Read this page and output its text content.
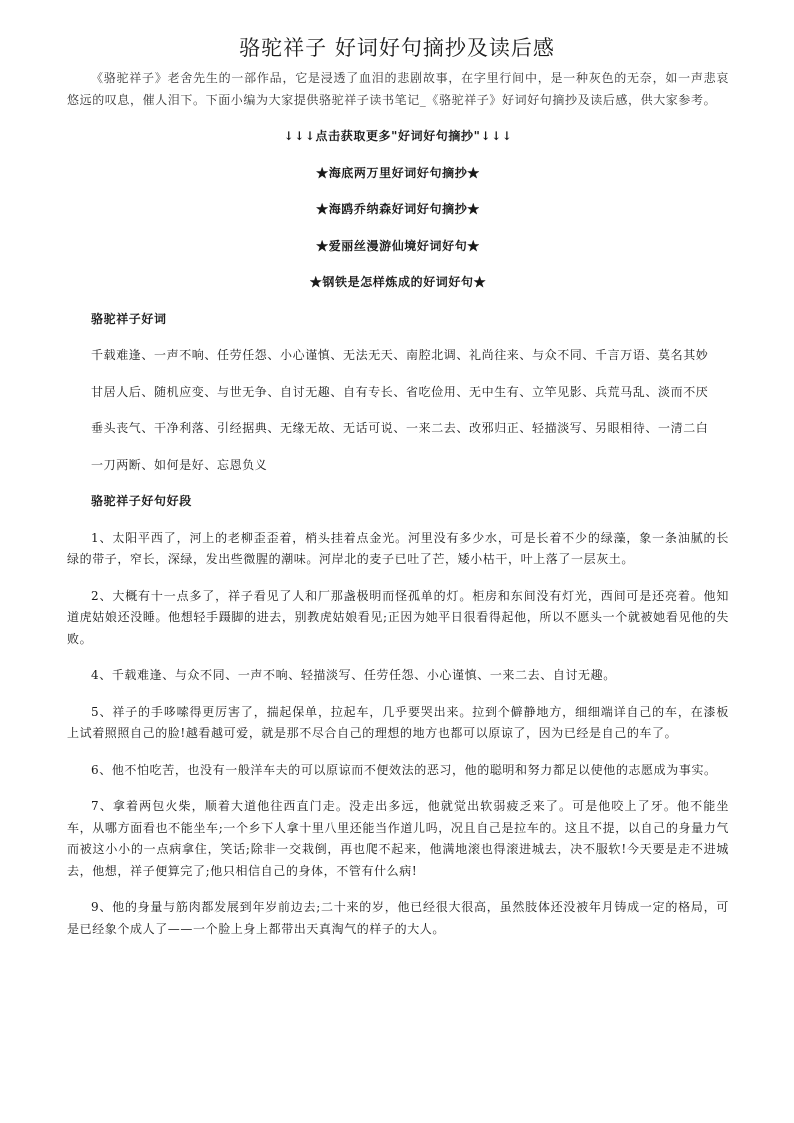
骆驼祥子 好词好句摘抄及读后感

《骆驼祥子》老舍先生的一部作品，它是浸透了血泪的悲剧故事，在字里行间中，是一种灰色的无奈，如一声悲哀悠远的叹息，催人泪下。下面小编为大家提供骆驼祥子读书笔记_《骆驼祥子》好词好句摘抄及读后感，供大家参考。

↓↓↓点击获取更多"好词好句摘抄"↓↓↓

★海底两万里好词好句摘抄★

★海鸥乔纳森好词好句摘抄★

★爱丽丝漫游仙境好词好句★

★钢铁是怎样炼成的好词好句★

骆驼祥子好词

千载难逢、一声不响、任劳任怨、小心谨慎、无法无天、南腔北调、礼尚往来、与众不同、千言万语、莫名其妙

甘居人后、随机应变、与世无争、自讨无趣、自有专长、省吃俭用、无中生有、立竿见影、兵荒马乱、淡而不厌

垂头丧气、干净利落、引经据典、无缘无故、无话可说、一来二去、改邪归正、轻描淡写、另眼相待、一清二白

一刀两断、如何是好、忘恩负义

骆驼祥子好句好段

1、太阳平西了，河上的老柳歪歪着，梢头挂着点金光。河里没有多少水，可是长着不少的绿藻，象一条油腻的长绿的带子，窄长，深绿，发出些微腥的潮味。河岸北的麦子已吐了芒，矮小枯干，叶上落了一层灰土。

2、大概有十一点多了，祥子看见了人和厂那盏极明而怪孤单的灯。柜房和东间没有灯光，西间可是还亮着。他知道虎姑娘还没睡。他想轻手蹑脚的进去，别教虎姑娘看见;正因为她平日很看得起他，所以不愿头一个就被她看见他的失败。

4、千载难逢、与众不同、一声不响、轻描淡写、任劳任怨、小心谨慎、一来二去、自讨无趣。

5、祥子的手哆嗦得更厉害了，揣起保单，拉起车，几乎要哭出来。拉到个僻静地方，细细端详自己的车，在漆板上试着照照自己的脸!越看越可爱，就是那不尽合自己的理想的地方也都可以原谅了，因为已经是自己的车了。

6、他不怕吃苦，也没有一般洋车夫的可以原谅而不便效法的恶习，他的聪明和努力都足以使他的志愿成为事实。

7、拿着两包火柴，顺着大道他往西直门走。没走出多远，他就觉出软弱疲乏来了。可是他咬上了牙。他不能坐车，从哪方面看也不能坐车;一个乡下人拿十里八里还能当作道儿吗，况且自己是拉车的。这且不提，以自己的身量力气而被这小小的一点病拿住，笑话;除非一交栽倒，再也爬不起来，他满地滚也得滚进城去，决不服软!今天要是走不进城去，他想，祥子便算完了;他只相信自己的身体，不管有什么病!

9、他的身量与筋肉都发展到年岁前边去;二十来的岁，他已经很大很高，虽然肢体还没被年月铸成一定的格局，可是已经象个成人了——一个脸上身上都带出天真淘气的样子的大人。
